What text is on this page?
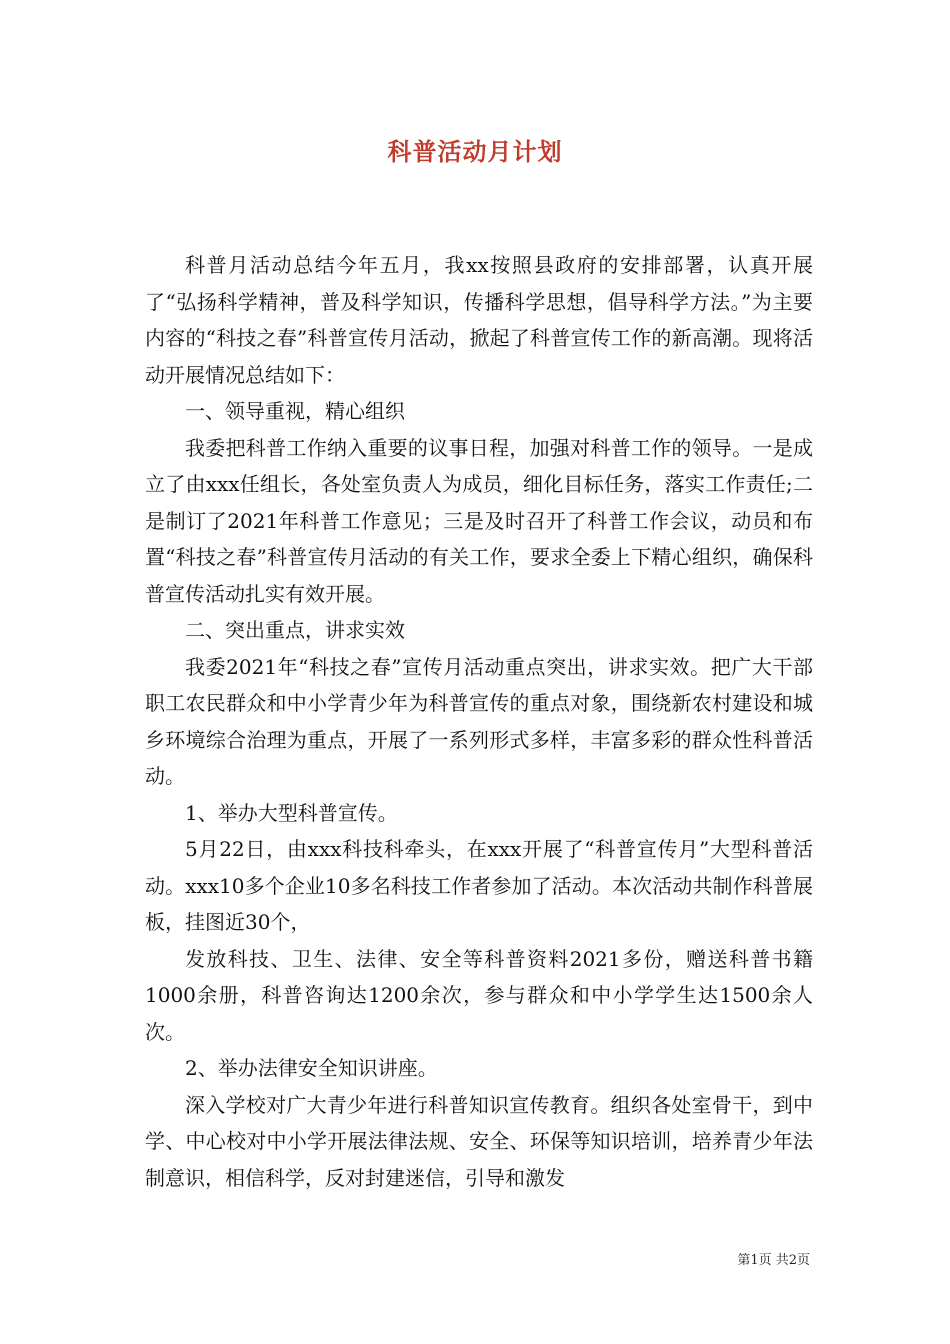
科普活动月计划

科普月活动总结今年五月，我xx按照县政府的安排部署，认真开展了“弘扬科学精神，普及科学知识，传播科学思想，倡导科学方法。”为主要内容的“科技之春”科普宣传月活动，掀起了科普宣传工作的新高潮。现将活动开展情况总结如下：

一、领导重视，精心组织

我委把科普工作纳入重要的议事日程，加强对科普工作的领导。一是成立了由xxx任组长，各处室负责人为成员，细化目标任务，落实工作责任;二是制订了2021年科普工作意见；三是及时召开了科普工作会议，动员和布置“科技之春”科普宣传月活动的有关工作，要求全委上下精心组织，确保科普宣传活动扎实有效开展。

二、突出重点，讲求实效

我委2021年“科技之春”宣传月活动重点突出，讲求实效。把广大干部职工农民群众和中小学青少年为科普宣传的重点对象，围绕新农村建设和城乡环境综合治理为重点，开展了一系列形式多样，丰富多彩的群众性科普活动。

1、举办大型科普宣传。

5月22日，由xxx科技科牵头，在xxx开展了“科普宣传月”大型科普活动。xxx10多个企业10多名科技工作者参加了活动。本次活动共制作科普展板，挂图近30个，

发放科技、卫生、法律、安全等科普资料2021多份，赠送科普书籍1000余册，科普咨询达1200余次，参与群众和中小学学生达1500余人次。

2、举办法律安全知识讲座。

深入学校对广大青少年进行科普知识宣传教育。组织各处室骨干，到中学、中心校对中小学开展法律法规、安全、环保等知识培训，培养青少年法制意识，相信科学，反对封建迷信，引导和激发

第1页 共2页
